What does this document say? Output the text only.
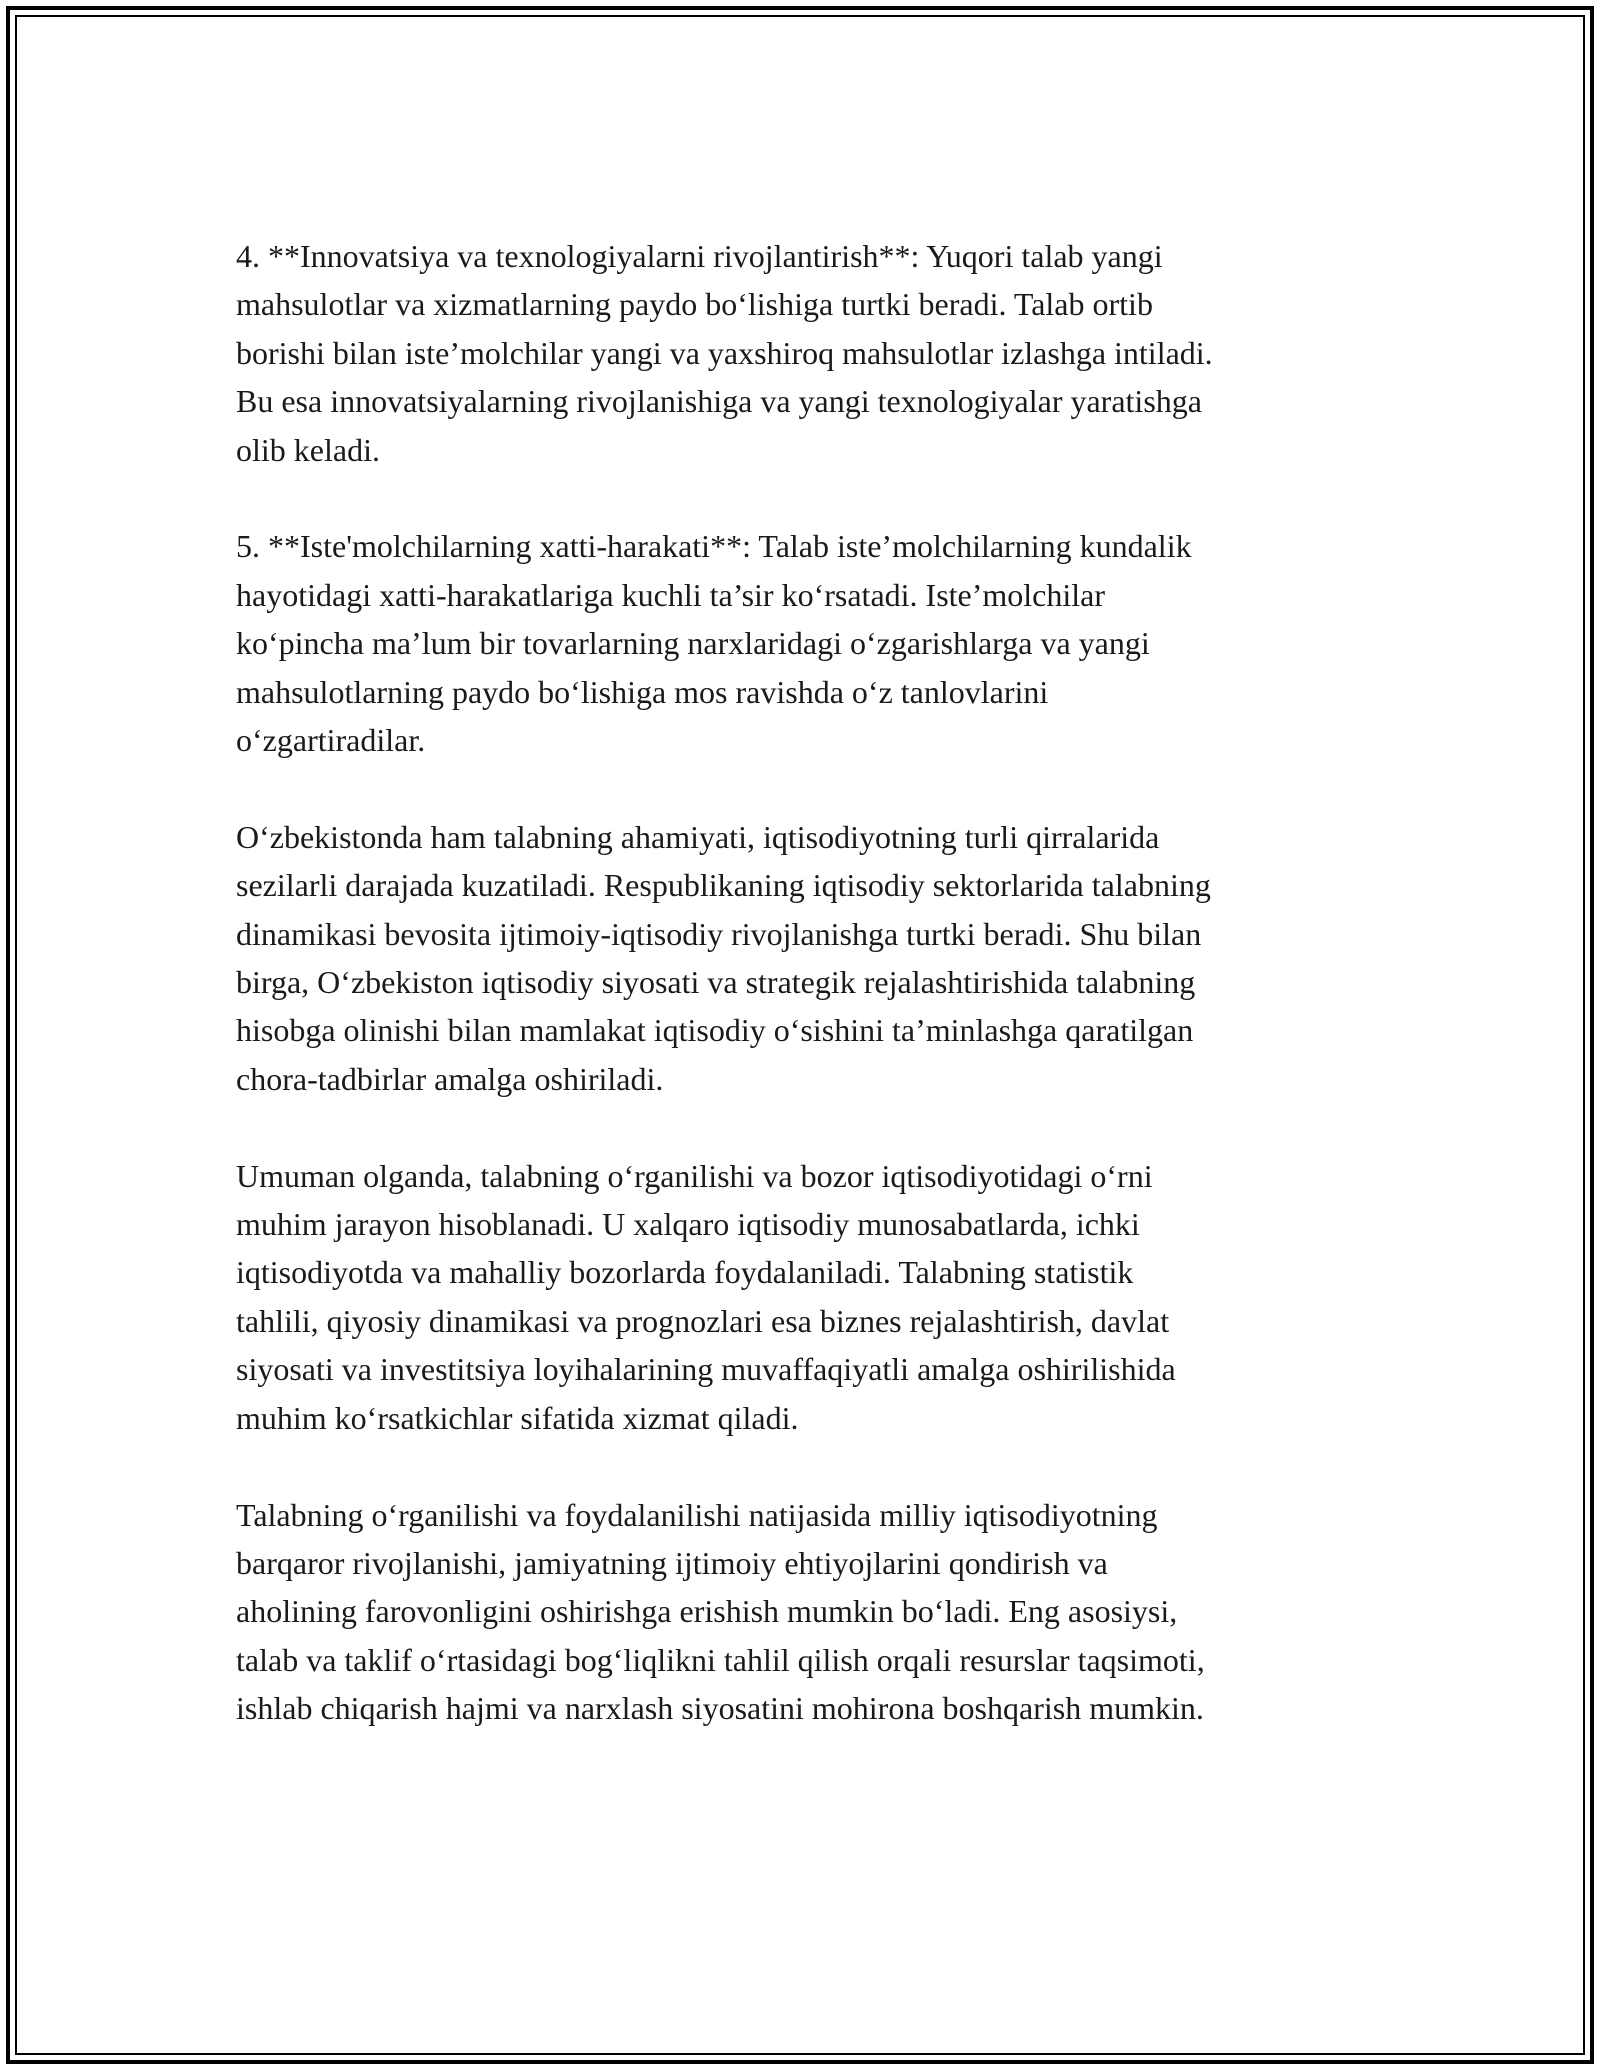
4. **Innovatsiya va texnologiyalarni rivojlantirish**: Yuqori talab yangi
mahsulotlar va xizmatlarning paydo bo‘lishiga turtki beradi. Talab ortib
borishi bilan iste’molchilar yangi va yaxshiroq mahsulotlar izlashga intiladi.
Bu esa innovatsiyalarning rivojlanishiga va yangi texnologiyalar yaratishga
olib keladi.

5. **Iste'molchilarning xatti-harakati**: Talab iste’molchilarning kundalik
hayotidagi xatti-harakatlariga kuchli ta’sir ko‘rsatadi. Iste’molchilar
ko‘pincha ma’lum bir tovarlarning narxlaridagi o‘zgarishlarga va yangi
mahsulotlarning paydo bo‘lishiga mos ravishda o‘z tanlovlarini
o‘zgartiradilar.

O‘zbekistonda ham talabning ahamiyati, iqtisodiyotning turli qirralarida
sezilarli darajada kuzatiladi. Respublikaning iqtisodiy sektorlarida talabning
dinamikasi bevosita ijtimoiy-iqtisodiy rivojlanishga turtki beradi. Shu bilan
birga, O‘zbekiston iqtisodiy siyosati va strategik rejalashtirishida talabning
hisobga olinishi bilan mamlakat iqtisodiy o‘sishini ta’minlashga qaratilgan
chora-tadbirlar amalga oshiriladi.

Umuman olganda, talabning o‘rganilishi va bozor iqtisodiyotidagi o‘rni
muhim jarayon hisoblanadi. U xalqaro iqtisodiy munosabatlarda, ichki
iqtisodiyotda va mahalliy bozorlarda foydalaniladi. Talabning statistik
tahlili, qiyosiy dinamikasi va prognozlari esa biznes rejalashtirish, davlat
siyosati va investitsiya loyihalarining muvaffaqiyatli amalga oshirilishida
muhim ko‘rsatkichlar sifatida xizmat qiladi.

Talabning o‘rganilishi va foydalanilishi natijasida milliy iqtisodiyotning
barqaror rivojlanishi, jamiyatning ijtimoiy ehtiyojlarini qondirish va
aholining farovonligini oshirishga erishish mumkin bo‘ladi. Eng asosiysi,
talab va taklif o‘rtasidagi bog‘liqlikni tahlil qilish orqali resurslar taqsimoti,
ishlab chiqarish hajmi va narxlash siyosatini mohirona boshqarish mumkin.
